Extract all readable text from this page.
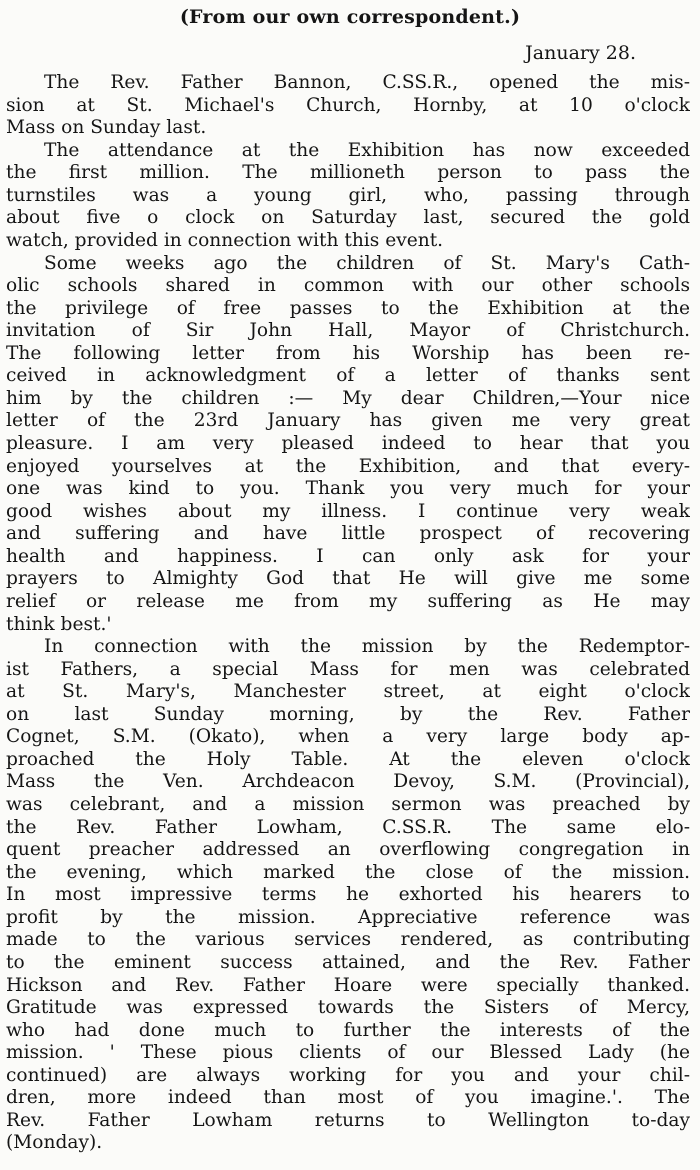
(From our own correspondent.)
January 28.
The Rev. Father Bannon, C.SS.R., opened the mis-
sion at St. Michael's Church, Hornby, at 10 o'clock
Mass on Sunday last.
The attendance at the Exhibition has now exceeded
the first million. The millioneth person to pass the
turnstiles was a young girl, who, passing through
about five o clock on Saturday last, secured the gold
watch, provided in connection with this event.
Some weeks ago the children of St. Mary's Cath-
olic schools shared in common with our other schools
the privilege of free passes to the Exhibition at the
invitation of Sir John Hall, Mayor of Christchurch.
The following letter from his Worship has been re-
ceived in acknowledgment of a letter of thanks sent
him by the children :— My dear Children,—Your nice
letter of the 23rd January has given me very great
pleasure. I am very pleased indeed to hear that you
enjoyed yourselves at the Exhibition, and that every-
one was kind to you. Thank you very much for your
good wishes about my illness. I continue very weak
and suffering and have little prospect of recovering
health and happiness. I can only ask for your
prayers to Almighty God that He will give me some
relief or release me from my suffering as He may
think best.'
In connection with the mission by the Redemptor-
ist Fathers, a special Mass for men was celebrated
at St. Mary's, Manchester street, at eight o'clock
on last Sunday morning, by the Rev. Father
Cognet, S.M. (Okato), when a very large body ap-
proached the Holy Table. At the eleven o'clock
Mass the Ven. Archdeacon Devoy, S.M. (Provincial),
was celebrant, and a mission sermon was preached by
the Rev. Father Lowham, C.SS.R. The same elo-
quent preacher addressed an overflowing congregation in
the evening, which marked the close of the mission.
In most impressive terms he exhorted his hearers to
profit by the mission. Appreciative reference was
made to the various services rendered, as contributing
to the eminent success attained, and the Rev. Father
Hickson and Rev. Father Hoare were specially thanked.
Gratitude was expressed towards the Sisters of Mercy,
who had done much to further the interests of the
mission. ' These pious clients of our Blessed Lady (he
continued) are always working for you and your chil-
dren, more indeed than most of you imagine.'. The
Rev. Father Lowham returns to Wellington to-day
(Monday).
